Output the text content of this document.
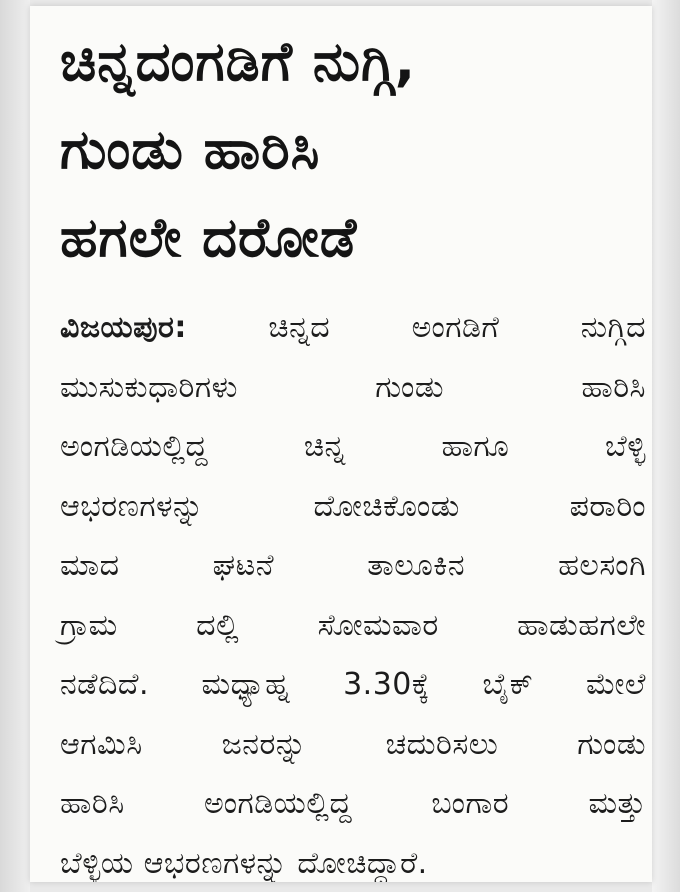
ಚಿನ್ನದಂಗಡಿಗೆ ನುಗ್ಗಿ,
ಗುಂಡು ಹಾರಿಸಿ
ಹಗಲೇ ದರೋಡೆ
ವಿಜಯಪುರ:	ಚಿನ್ನದ ಅಂಗಡಿಗೆ ನುಗ್ಗಿದ
ಮುಸುಕುಧಾರಿಗಳು ಗುಂಡು ಹಾರಿಸಿ
ಅಂಗಡಿಯಲ್ಲಿದ್ದ ಚಿನ್ನ ಹಾಗೂ ಬೆಳ್ಳಿ
ಆಭರಣಗಳನ್ನು ದೋಚಿಕೊಂಡು ಪರಾರಿಂ
ಮಾದ ಘಟನೆ ತಾಲೂಕಿನ ಹಲಸಂಗಿ
ಗ್ರಾಮ ದಲ್ಲಿ ಸೋಮವಾರ ಹಾಡುಹಗಲೇ
ನಡೆದಿದೆ. ಮಧ್ಯಾಹ್ನ 3.30ಕ್ಕೆ ಬೈಕ್ ಮೇಲೆ
ಆಗಮಿಸಿ ಜನರನ್ನು ಚದುರಿಸಲು ಗುಂಡು
ಹಾರಿಸಿ ಅಂಗಡಿಯಲ್ಲಿದ್ದ ಬಂಗಾರ ಮತ್ತು
ಬೆಳ್ಳಿಯ ಆಭರಣಗಳನ್ನು ದೋಚಿದ್ದಾರೆ.
